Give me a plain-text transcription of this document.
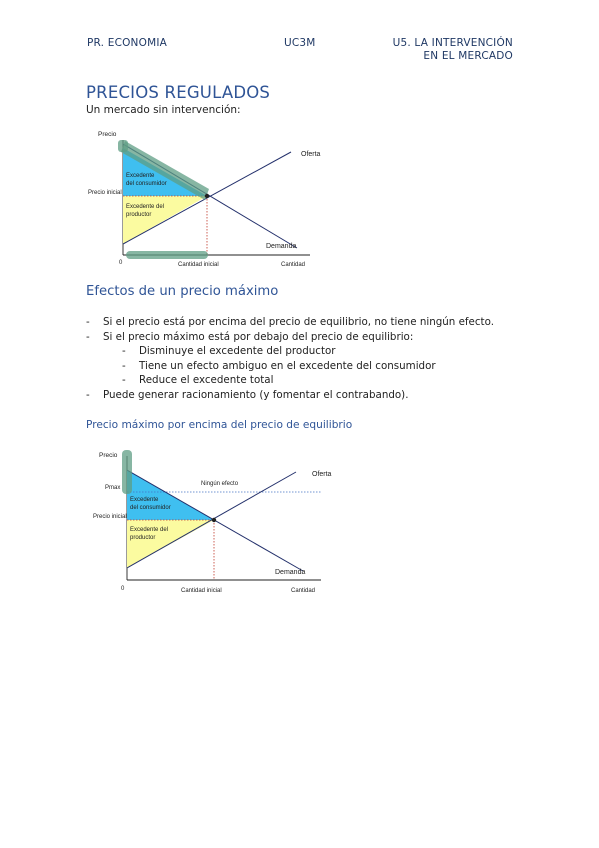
PR. ECONOMIA	UC3M	U5. LA INTERVENCIÓN
EN EL MERCADO
PRECIOS REGULADOS
Un mercado sin intervención:
Precio
Precio inicial
Excedente
del consumidor
Excedente del
productor
Oferta
Demanda
0	Cantidad inicial	Cantidad
Efectos de un precio máximo
- Si el precio está por encima del precio de equilibrio, no tiene ningún efecto.
- Si el precio máximo está por debajo del precio de equilibrio:
- Disminuye el excedente del productor
- Tiene un efecto ambiguo en el excedente del consumidor
- Reduce el excedente total
- Puede generar racionamiento (y fomentar el contrabando).
Precio máximo por encima del precio de equilibrio
Precio
Pmax
Precio inicial
Ningún efecto
Excedente
del consumidor
Excedente del
productor
Oferta
Demanda
0	Cantidad inicial	Cantidad
